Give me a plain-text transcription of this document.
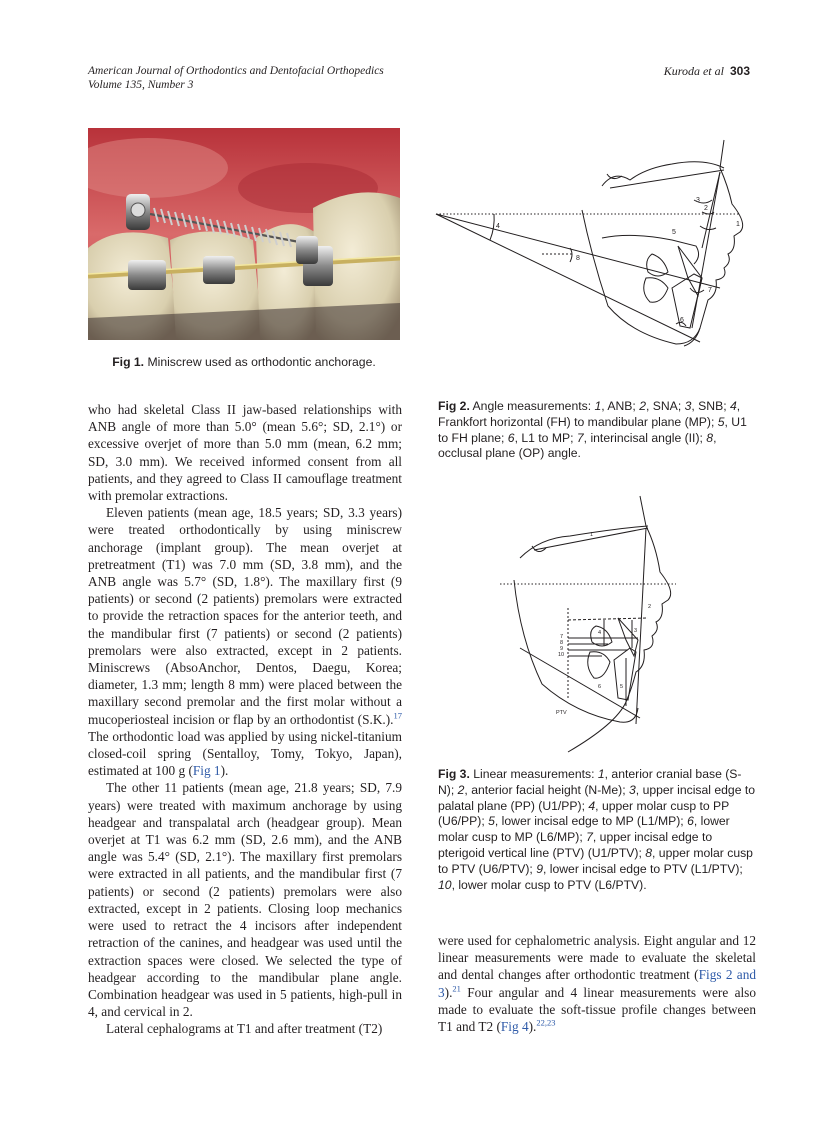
American Journal of Orthodontics and Dentofacial Orthopedics
Volume 135, Number 3
Kuroda et al 303
Fig 1. Miniscrew used as orthodontic anchorage.
1
2
3
4
5
6
7
8
Fig 2. Angle measurements: 1, ANB; 2, SNA; 3, SNB; 4, Frankfort horizontal (FH) to mandibular plane (MP); 5, U1 to FH plane; 6, L1 to MP; 7, interincisal angle (II); 8, occlusal plane (OP) angle.
1
2
3
4
5
6
7
8
9
10
PTV
Fig 3. Linear measurements: 1, anterior cranial base (S-N); 2, anterior facial height (N-Me); 3, upper incisal edge to palatal plane (PP) (U1/PP); 4, upper molar cusp to PP (U6/PP); 5, lower incisal edge to MP (L1/MP); 6, lower molar cusp to MP (L6/MP); 7, upper incisal edge to pterigoid vertical line (PTV) (U1/PTV); 8, upper molar cusp to PTV (U6/PTV); 9, lower incisal edge to PTV (L1/PTV); 10, lower molar cusp to PTV (L6/PTV).

who had skeletal Class II jaw-based relationships with ANB angle of more than 5.0° (mean 5.6°; SD, 2.1°) or excessive overjet of more than 5.0 mm (mean, 6.2 mm; SD, 3.0 mm). We received informed consent from all patients, and they agreed to Class II camouflage treatment with premolar extractions.

Eleven patients (mean age, 18.5 years; SD, 3.3 years) were treated orthodontically by using miniscrew anchorage (implant group). The mean overjet at pretreatment (T1) was 7.0 mm (SD, 3.8 mm), and the ANB angle was 5.7° (SD, 1.8°). The maxillary first (9 patients) or second (2 patients) premolars were extracted to provide the retraction spaces for the anterior teeth, and the mandibular first (7 patients) or second (2 patients) premolars were also extracted, except in 2 patients. Miniscrews (AbsoAnchor, Dentos, Daegu, Korea; diameter, 1.3 mm; length 8 mm) were placed between the maxillary second premolar and the first molar without a mucoperiosteal incision or flap by an orthodontist (S.K.).$^{17}$ The orthodontic load was applied by using nickel-titanium closed-coil spring (Sentalloy, Tomy, Tokyo, Japan), estimated at 100 g (Fig 1).

The other 11 patients (mean age, 21.8 years; SD, 7.9 years) were treated with maximum anchorage by using headgear and transpalatal arch (headgear group). Mean overjet at T1 was 6.2 mm (SD, 2.6 mm), and the ANB angle was 5.4° (SD, 2.1°). The maxillary first premolars were extracted in all patients, and the mandibular first (7 patients) or second (2 patients) premolars were also extracted, except in 2 patients. Closing loop mechanics were used to retract the 4 incisors after independent retraction of the canines, and headgear was used until the extraction spaces were closed. We selected the type of headgear according to the mandibular plane angle. Combination headgear was used in 5 patients, high-pull in 4, and cervical in 2.

Lateral cephalograms at T1 and after treatment (T2)

were used for cephalometric analysis. Eight angular and 12 linear measurements were made to evaluate the skeletal and dental changes after orthodontic treatment (Figs 2 and 3).$^{21}$ Four angular and 4 linear measurements were also made to evaluate the soft-tissue profile changes between T1 and T2 (Fig 4).$^{22,23}$
